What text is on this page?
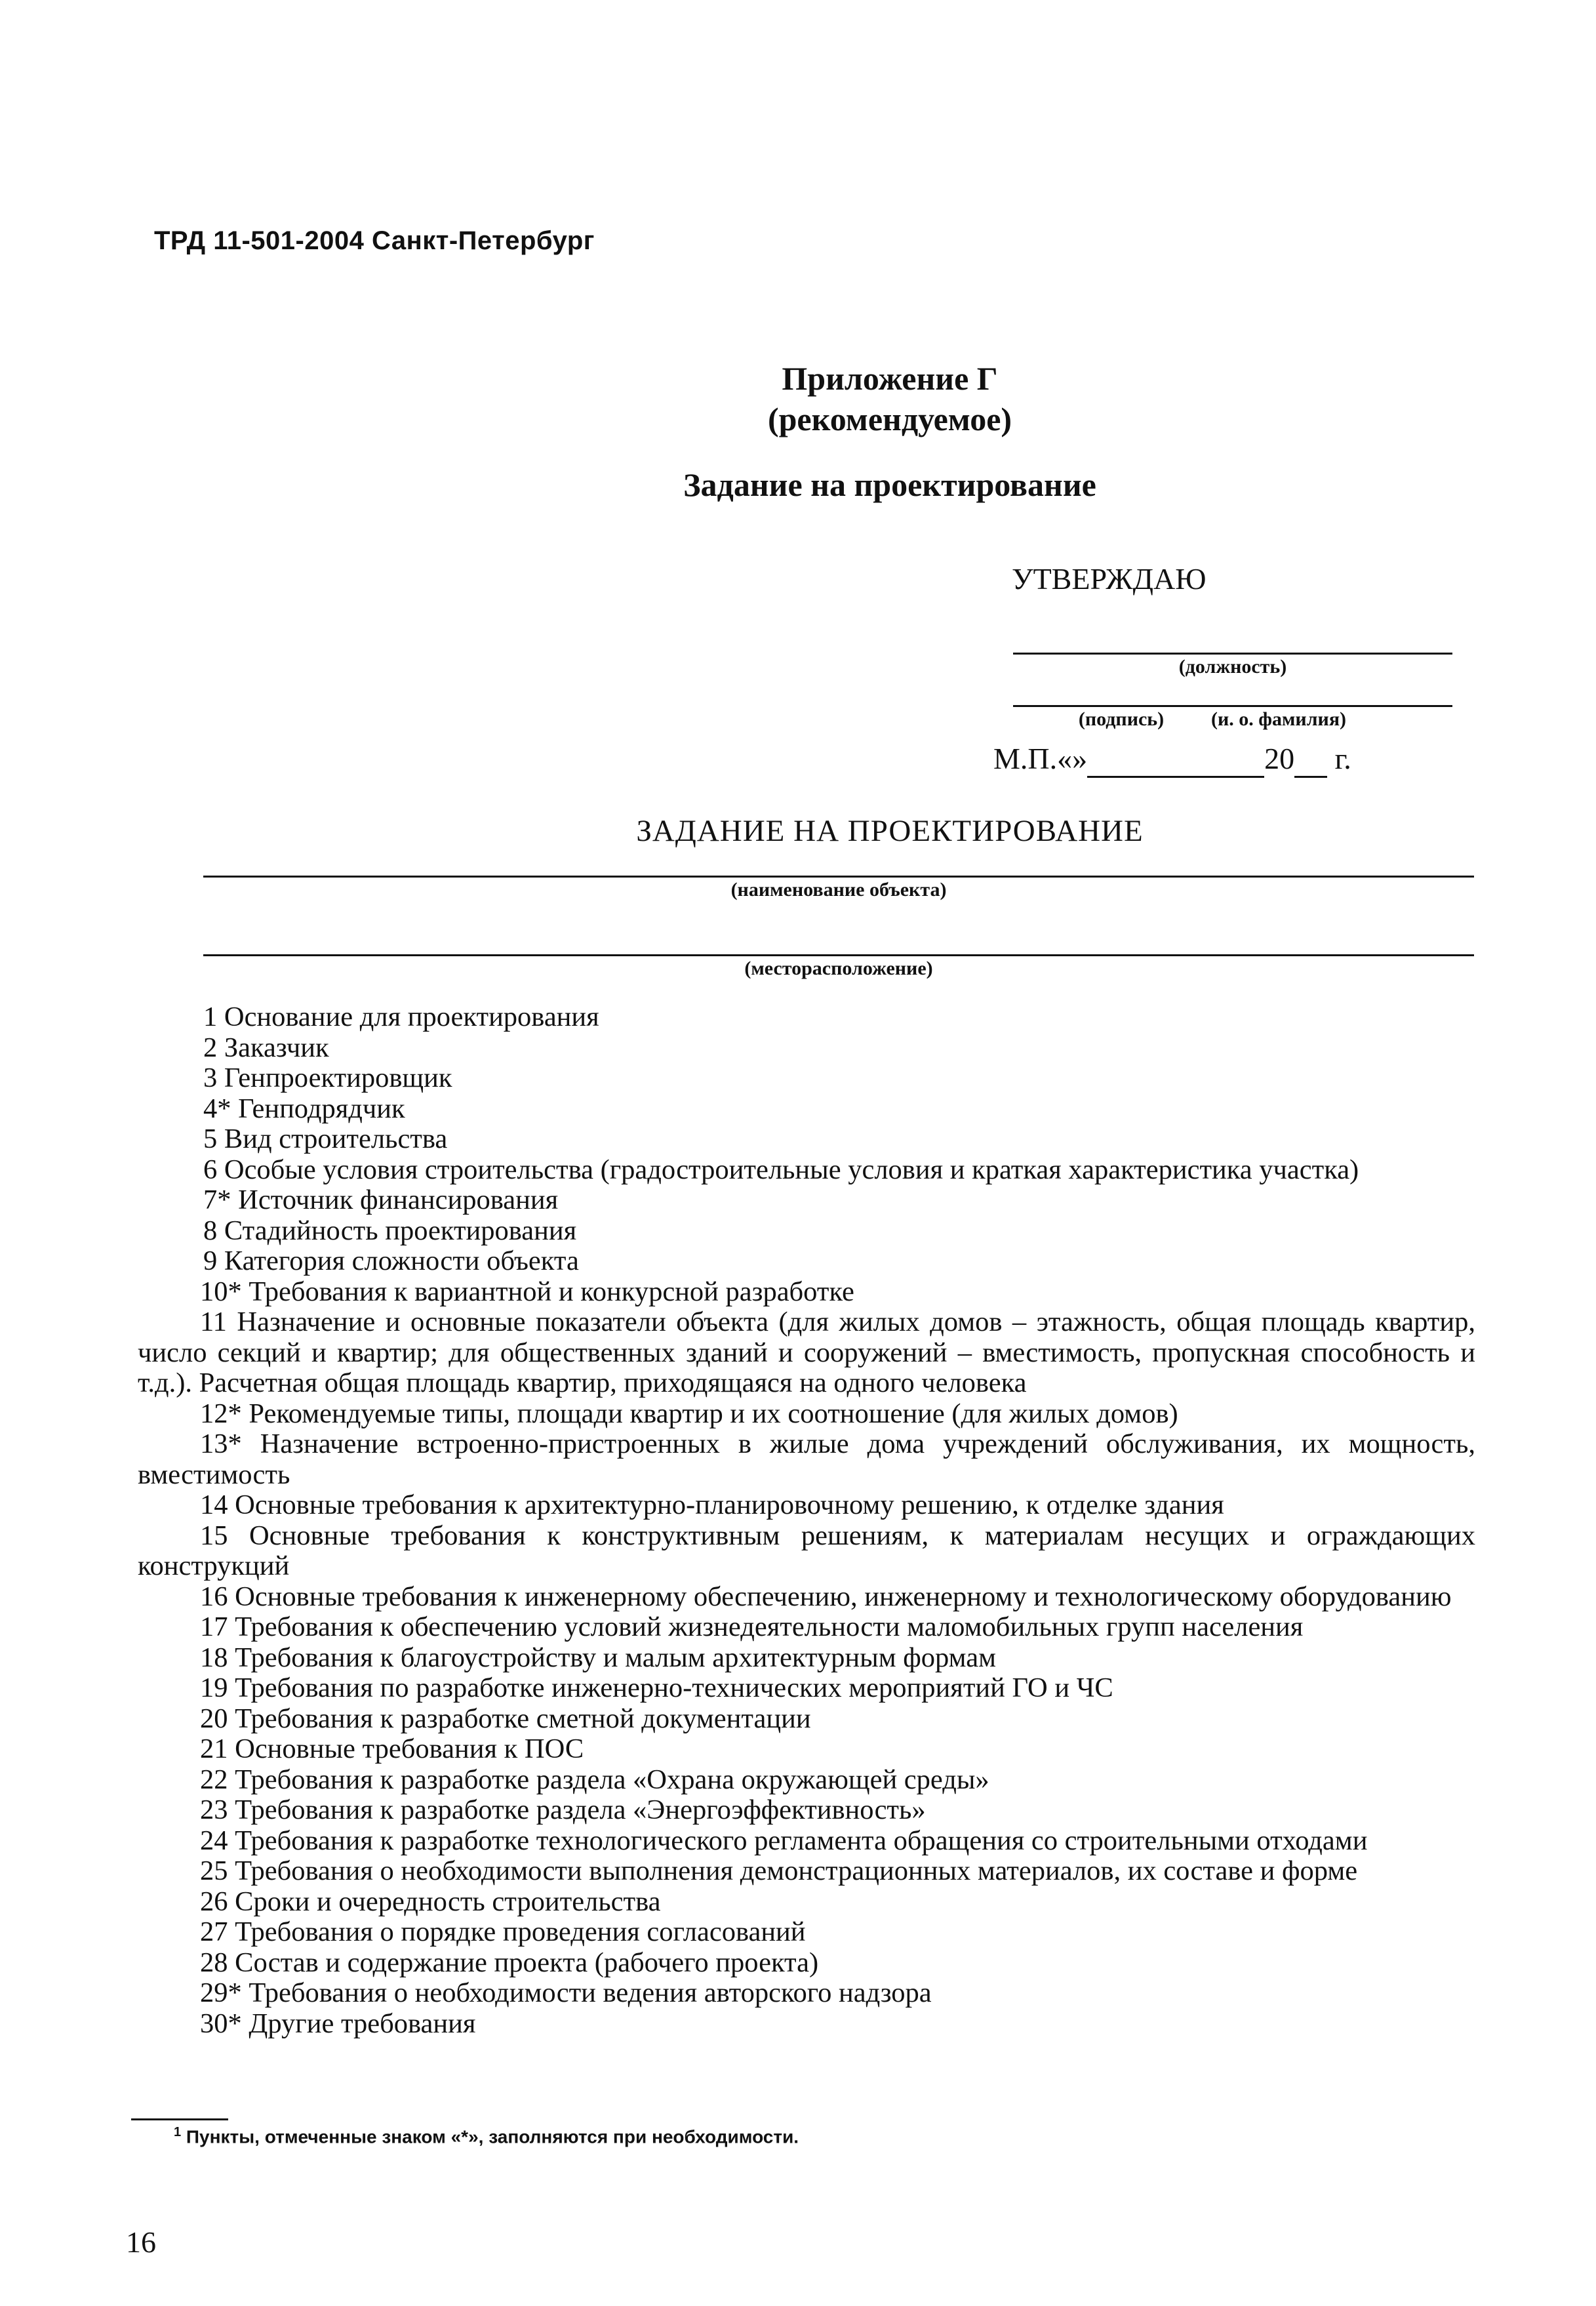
ТРД 11-501-2004 Санкт-Петербург
Приложение Г
(рекомендуемое)
Задание на проектирование
УТВЕРЖДАЮ
(должность)
(подпись)	(и. о. фамилия)
М.П.«»	20 г.
ЗАДАНИЕ НА ПРОЕКТИРОВАНИЕ
(наименование объекта)
(месторасположение)

1 Основание для проектирования

2 Заказчик

3 Генпроектировщик

4* Генподрядчик

5 Вид строительства

6 Особые условия строительства (градостроительные условия и краткая характеристика участка)

7* Источник финансирования

8 Стадийность проектирования

9 Категория сложности объекта

10* Требования к вариантной и конкурсной разработке

11 Назначение и основные показатели объекта (для жилых домов – этажность, общая площадь квартир, число секций и квартир; для общественных зданий и сооружений – вместимость, пропускная способность и т.д.). Расчетная общая площадь квартир, приходящаяся на одного человека

12* Рекомендуемые типы, площади квартир и их соотношение (для жилых домов)

13* Назначение встроенно-пристроенных в жилые дома учреждений обслуживания, их мощность, вместимость

14 Основные требования к архитектурно-планировочному решению, к отделке здания

15 Основные требования к конструктивным решениям, к материалам несущих и ограждающих конструкций

16 Основные требования к инженерному обеспечению, инженерному и технологическому оборудованию

17 Требования к обеспечению условий жизнедеятельности маломобильных групп населения

18 Требования к благоустройству и малым архитектурным формам

19 Требования по разработке инженерно-технических мероприятий ГО и ЧС

20 Требования к разработке сметной документации

21 Основные требования к ПОС

22 Требования к разработке раздела «Охрана окружающей среды»

23 Требования к разработке раздела «Энергоэффективность»

24 Требования к разработке технологического регламента обращения со строительными отходами

25 Требования о необходимости выполнения демонстрационных материалов, их составе и форме

26 Сроки и очередность строительства

27 Требования о порядке проведения согласований

28 Состав и содержание проекта (рабочего проекта)

29* Требования о необходимости ведения авторского надзора

30* Другие требования

$^1$ Пункты, отмеченные знаком «*», заполняются при необходимости.
16
